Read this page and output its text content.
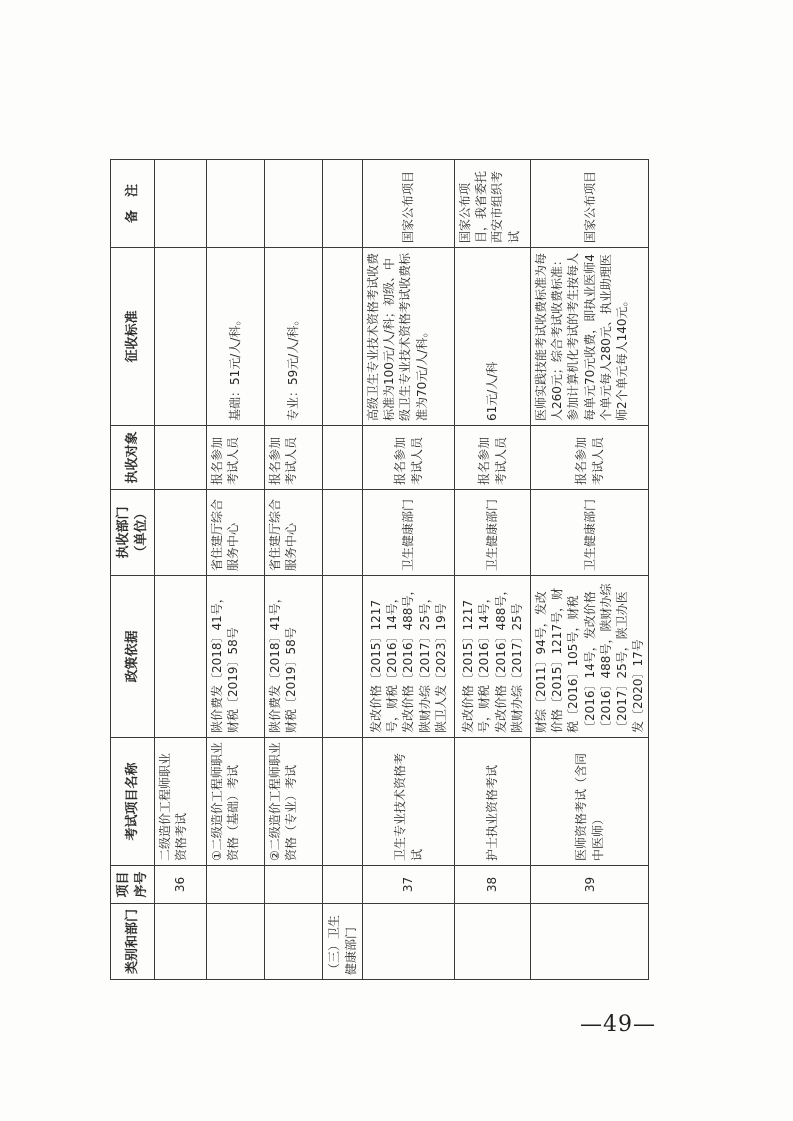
类别和部门	项目序号	考试项目名称	政策依据	执收部门（单位）	执收对象	征收标准	备　注
	36	二级造价工程师职业资格考试					
		①二级造价工程师职业资格（基础）考试	陕价费发〔2018〕41号，财税〔2019〕58号	省住建厅综合服务中心	报名参加考试人员	基础：51元/人/科。	
		②二级造价工程师职业资格（专业）考试	陕价费发〔2018〕41号，财税〔2019〕58号	省住建厅综合服务中心	报名参加考试人员	专业：59元/人/科。	
（三）卫生健康部门							
	37	卫生专业技术资格考试	发改价格〔2015〕1217号，财税〔2016〕14号，发改价格〔2016〕488号，陕财办综〔2017〕25号，陕卫人发〔2023〕19号	卫生健康部门	报名参加考试人员	高级卫生专业技术资格考试收费标准为100元/人/科；初级、中级卫生专业技术资格考试收费标准为70元/人/科。	国家公布项目
	38	护士执业资格考试	发改价格〔2015〕1217号，财税〔2016〕14号，发改价格〔2016〕488号，陕财办综〔2017〕25号	卫生健康部门	报名参加考试人员	61元/人/科	国家公布项目，我省委托西安市组织考试
	39	医师资格考试（含同中医师）	财综〔2011〕94号，发改价格〔2015〕1217号，财税〔2016〕105号，财税〔2016〕14号，发改价格〔2016〕488号，陕财办综〔2017〕25号，陕卫办医发〔2020〕17号	卫生健康部门	报名参加考试人员	医师实践技能考试收费标准为每人260元；综合考试收费标准：参加计算机化考试的考生按每人每单元70元收费，即执业医师4个单元每人280元、执业助理医师2个单元每人140元。	国家公布项目
—49—
